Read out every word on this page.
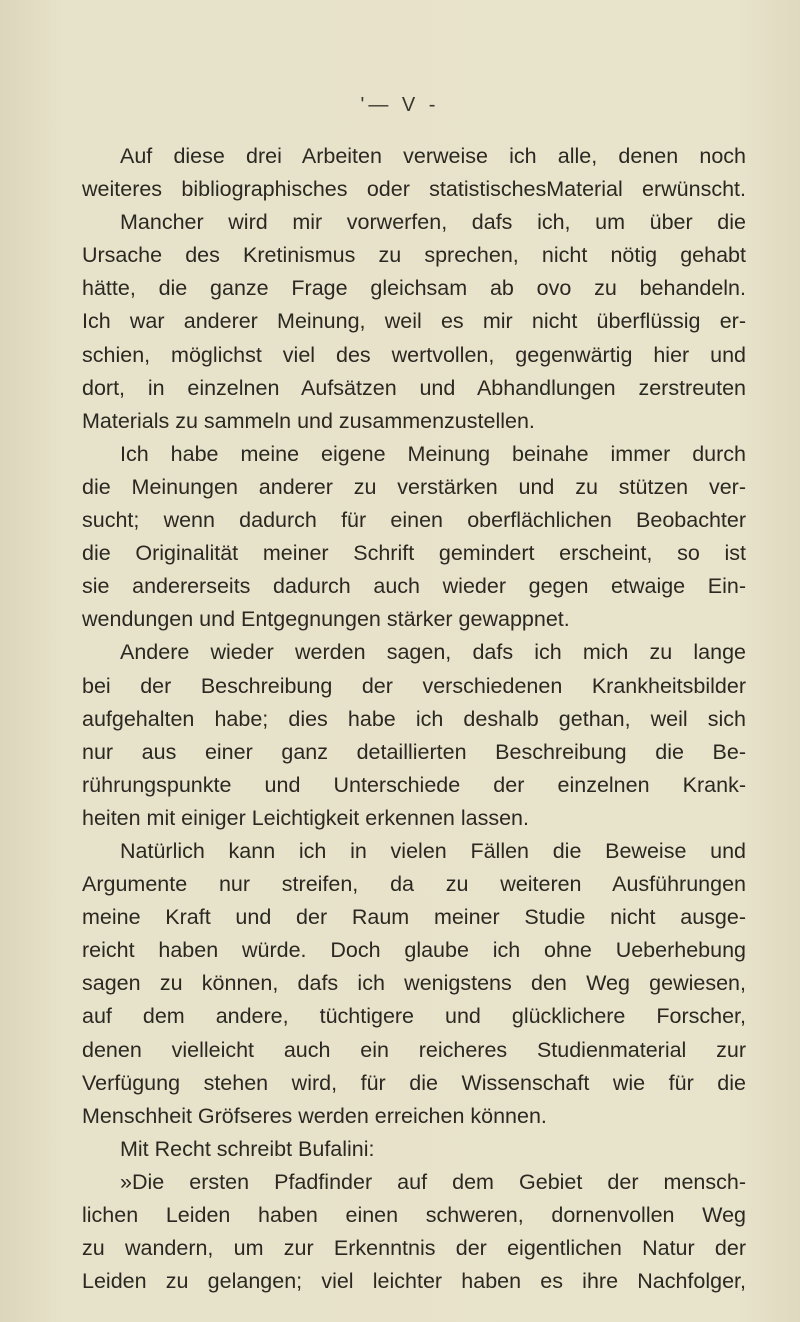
'— V -
Auf diese drei Arbeiten verweise ich alle, denen noch
weiteres bibliographisches oder statistischesMaterial erwünscht.
Mancher wird mir vorwerfen, dafs ich, um über die
Ursache des Kretinismus zu sprechen, nicht nötig gehabt
hätte, die ganze Frage gleichsam ab ovo zu behandeln.
Ich war anderer Meinung, weil es mir nicht überflüssig er-
schien, möglichst viel des wertvollen, gegenwärtig hier und
dort, in einzelnen Aufsätzen und Abhandlungen zerstreuten
Materials zu sammeln und zusammenzustellen.
Ich habe meine eigene Meinung beinahe immer durch
die Meinungen anderer zu verstärken und zu stützen ver-
sucht; wenn dadurch für einen oberflächlichen Beobachter
die Originalität meiner Schrift gemindert erscheint, so ist
sie andererseits dadurch auch wieder gegen etwaige Ein-
wendungen und Entgegnungen stärker gewappnet.
Andere wieder werden sagen, dafs ich mich zu lange
bei der Beschreibung der verschiedenen Krankheitsbilder
aufgehalten habe; dies habe ich deshalb gethan, weil sich
nur aus einer ganz detaillierten Beschreibung die Be-
rührungspunkte und Unterschiede der einzelnen Krank-
heiten mit einiger Leichtigkeit erkennen lassen.
Natürlich kann ich in vielen Fällen die Beweise und
Argumente nur streifen, da zu weiteren Ausführungen
meine Kraft und der Raum meiner Studie nicht ausge-
reicht haben würde. Doch glaube ich ohne Ueberhebung
sagen zu können, dafs ich wenigstens den Weg gewiesen,
auf dem andere, tüchtigere und glücklichere Forscher,
denen vielleicht auch ein reicheres Studienmaterial zur
Verfügung stehen wird, für die Wissenschaft wie für die
Menschheit Gröfseres werden erreichen können.
Mit Recht schreibt Bufalini:
»Die ersten Pfadfinder auf dem Gebiet der mensch-
lichen Leiden haben einen schweren, dornenvollen Weg
zu wandern, um zur Erkenntnis der eigentlichen Natur der
Leiden zu gelangen; viel leichter haben es ihre Nachfolger,
